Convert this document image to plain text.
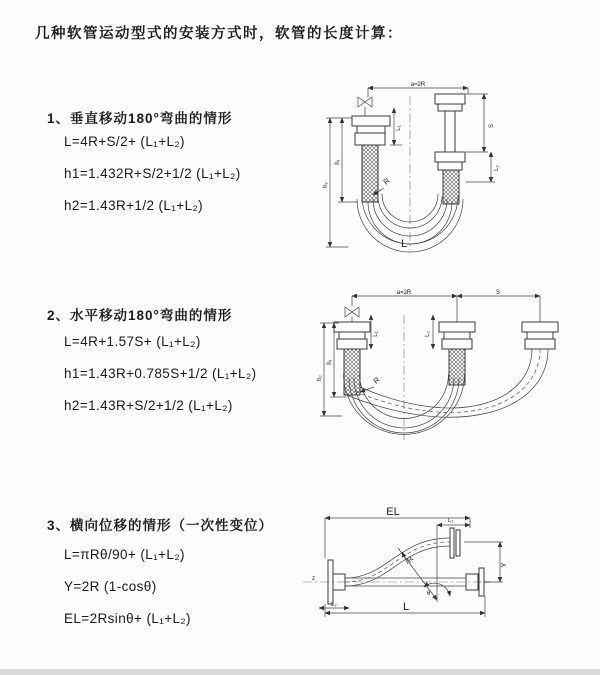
几种软管运动型式的安装方式时，软管的长度计算：
1、垂直移动180°弯曲的情形
L=4R+S/2+ (L₁+L₂)
h1=1.432R+S/2+1/2 (L₁+L₂)
h2=1.43R+1/2 (L₁+L₂)
2、水平移动180°弯曲的情形
L=4R+1.57S+ (L₁+L₂)
h1=1.43R+0.785S+1/2 (L₁+L₂)
h2=1.43R+S/2+1/2 (L₁+L₂)
3、横向位移的情形（一次性变位）
L=πRθ/90+ (L₁+L₂)
Y=2R (1-cosθ)
EL=2Rsinθ+ (L₁+L₂)
a=2R
S
L₂
L₁
h₁
h₂	R
L
a=2R	S
L₁	L₂
h₁
h₂	R
z
EL
L₁
θ
R
Y
L₂	L
